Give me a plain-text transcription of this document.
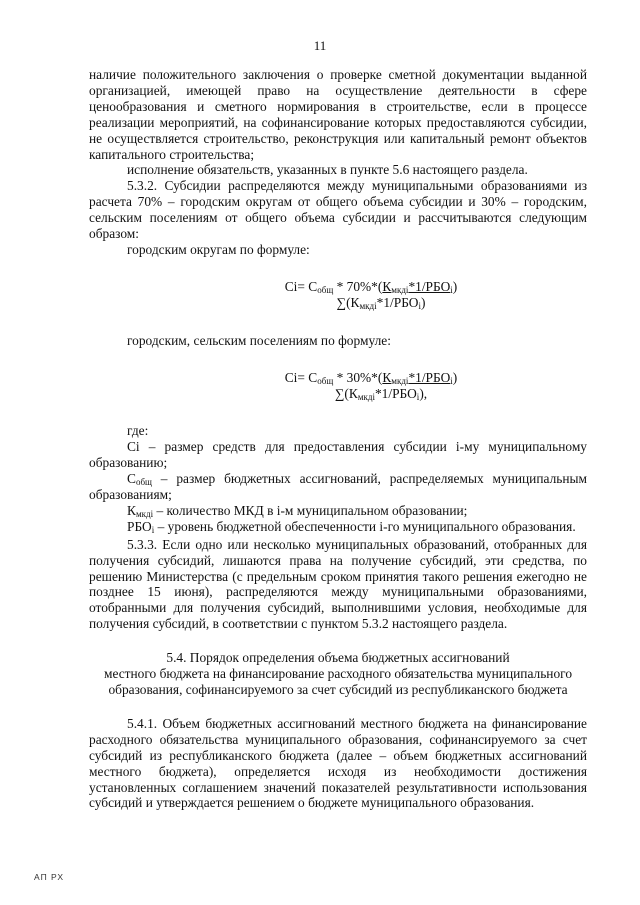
11

наличие положительного заключения о проверке сметной документации выданной организацией, имеющей право на осуществление деятельности в сфере ценообразования и сметного нормирования в строительстве, если в процессе реализации мероприятий, на софинансирование которых предоставляются субсидии, не осуществляется строительство, реконструкция или капитальный ремонт объектов капитального строительства;

исполнение обязательств, указанных в пункте 5.6 настоящего раздела.

5.3.2. Субсидии распределяются между муниципальными образованиями из расчета 70% – городским округам от общего объема субсидии и 30% – городским, сельским поселениям от общего объема субсидии и рассчитываются следующим образом:

городским округам по формуле:

$Ci= С_{общ} * 70\%*(К_{мкдi}*1/РБО_i)$
$\sum(К_{мкдi}*1/РБО_i)$

городским, сельским поселениям по формуле:

$Ci= С_{общ} * 30\%*(К_{мкдi}*1/РБО_i)$
$\sum(К_{мкдi}*1/РБО_i)$,

где:

Ci – размер средств для предоставления субсидии i-му муниципальному образованию;

$С_{общ}$ – размер бюджетных ассигнований, распределяемых муниципальным образованиям;

$К_{мкдi}$ – количество МКД в i-м муниципальном образовании;

$РБО_i$ – уровень бюджетной обеспеченности i-го муниципального образования.

5.3.3. Если одно или несколько муниципальных образований, отобранных для получения субсидий, лишаются права на получение субсидий, эти средства, по решению Министерства (с предельным сроком принятия такого решения ежегодно не позднее 15 июня), распределяются между муниципальными образованиями, отобранными для получения субсидий, выполнившими условия, необходимые для получения субсидий, в соответствии с пунктом 5.3.2 настоящего раздела.

5.4. Порядок определения объема бюджетных ассигнований

местного бюджета на финансирование расходного обязательства муниципального

образования, софинансируемого за счет субсидий из республиканского бюджета

5.4.1. Объем бюджетных ассигнований местного бюджета на финансирование расходного обязательства муниципального образования, софинансируемого за счет субсидий из республиканского бюджета (далее – объем бюджетных ассигнований местного бюджета), определяется исходя из необходимости достижения установленных соглашением значений показателей результативности использования субсидий и утверждается решением о бюджете муниципального образования.

АП РХ
